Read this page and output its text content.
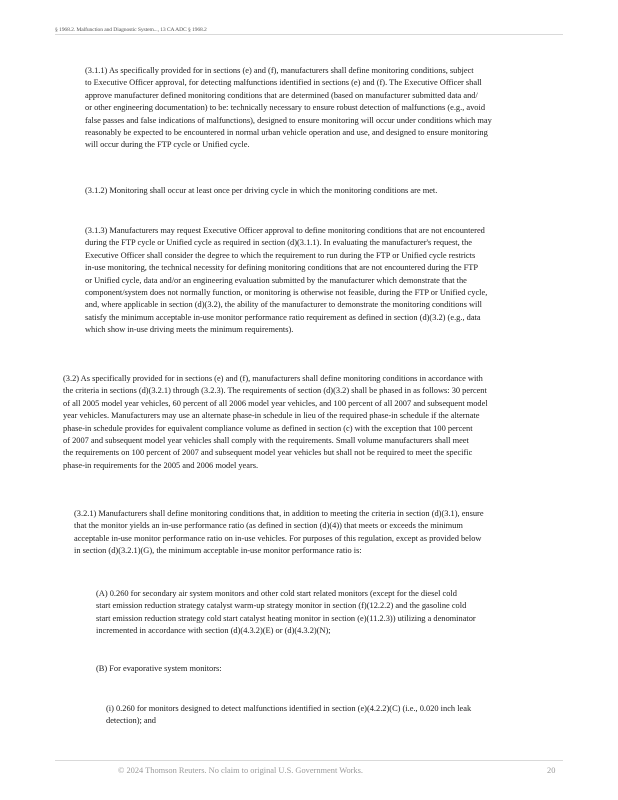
§ 1968.2. Malfunction and Diagnostic System..., 13 CA ADC § 1968.2
(3.1.1) As specifically provided for in sections (e) and (f), manufacturers shall define monitoring conditions, subject
to Executive Officer approval, for detecting malfunctions identified in sections (e) and (f). The Executive Officer shall
approve manufacturer defined monitoring conditions that are determined (based on manufacturer submitted data and/
or other engineering documentation) to be: technically necessary to ensure robust detection of malfunctions (e.g., avoid
false passes and false indications of malfunctions), designed to ensure monitoring will occur under conditions which may
reasonably be expected to be encountered in normal urban vehicle operation and use, and designed to ensure monitoring
will occur during the FTP cycle or Unified cycle.
(3.1.2) Monitoring shall occur at least once per driving cycle in which the monitoring conditions are met.
(3.1.3) Manufacturers may request Executive Officer approval to define monitoring conditions that are not encountered
during the FTP cycle or Unified cycle as required in section (d)(3.1.1). In evaluating the manufacturer's request, the
Executive Officer shall consider the degree to which the requirement to run during the FTP or Unified cycle restricts
in-use monitoring, the technical necessity for defining monitoring conditions that are not encountered during the FTP
or Unified cycle, data and/or an engineering evaluation submitted by the manufacturer which demonstrate that the
component/system does not normally function, or monitoring is otherwise not feasible, during the FTP or Unified cycle,
and, where applicable in section (d)(3.2), the ability of the manufacturer to demonstrate the monitoring conditions will
satisfy the minimum acceptable in-use monitor performance ratio requirement as defined in section (d)(3.2) (e.g., data
which show in-use driving meets the minimum requirements).
(3.2) As specifically provided for in sections (e) and (f), manufacturers shall define monitoring conditions in accordance with
the criteria in sections (d)(3.2.1) through (3.2.3). The requirements of section (d)(3.2) shall be phased in as follows: 30 percent
of all 2005 model year vehicles, 60 percent of all 2006 model year vehicles, and 100 percent of all 2007 and subsequent model
year vehicles. Manufacturers may use an alternate phase-in schedule in lieu of the required phase-in schedule if the alternate
phase-in schedule provides for equivalent compliance volume as defined in section (c) with the exception that 100 percent
of 2007 and subsequent model year vehicles shall comply with the requirements. Small volume manufacturers shall meet
the requirements on 100 percent of 2007 and subsequent model year vehicles but shall not be required to meet the specific
phase-in requirements for the 2005 and 2006 model years.
(3.2.1) Manufacturers shall define monitoring conditions that, in addition to meeting the criteria in section (d)(3.1), ensure
that the monitor yields an in-use performance ratio (as defined in section (d)(4)) that meets or exceeds the minimum
acceptable in-use monitor performance ratio on in-use vehicles. For purposes of this regulation, except as provided below
in section (d)(3.2.1)(G), the minimum acceptable in-use monitor performance ratio is:
(A) 0.260 for secondary air system monitors and other cold start related monitors (except for the diesel cold
start emission reduction strategy catalyst warm-up strategy monitor in section (f)(12.2.2) and the gasoline cold
start emission reduction strategy cold start catalyst heating monitor in section (e)(11.2.3)) utilizing a denominator
incremented in accordance with section (d)(4.3.2)(E) or (d)(4.3.2)(N);
(B) For evaporative system monitors:
(i) 0.260 for monitors designed to detect malfunctions identified in section (e)(4.2.2)(C) (i.e., 0.020 inch leak
detection); and
© 2024 Thomson Reuters. No claim to original U.S. Government Works.	20
